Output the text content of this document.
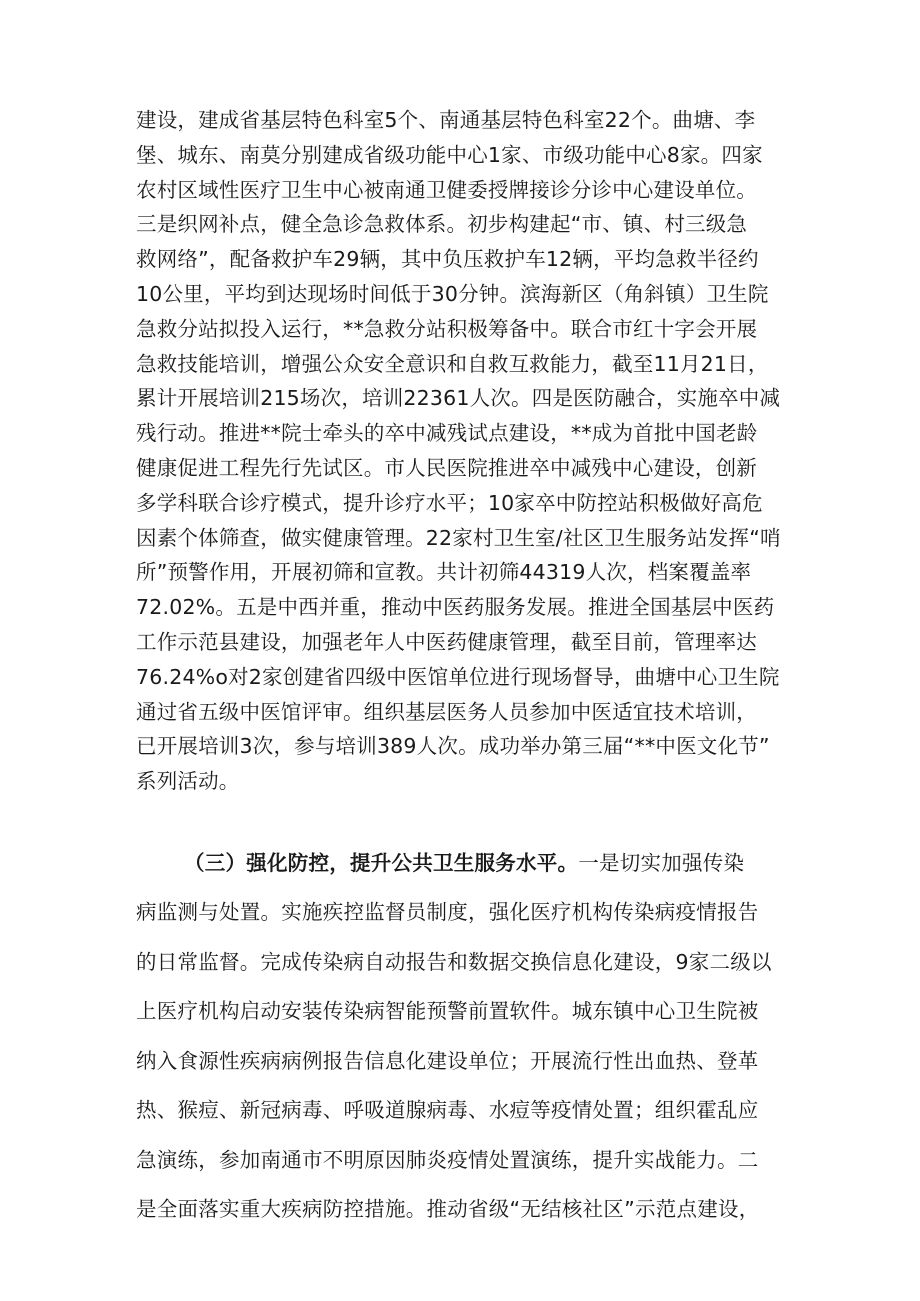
建设，建成省基层特色科室5个、南通基层特色科室22个。曲塘、李
堡、城东、南莫分别建成省级功能中心1家、市级功能中心8家。四家
农村区域性医疗卫生中心被南通卫健委授牌接诊分诊中心建设单位。
三是织网补点，健全急诊急救体系。初步构建起“市、镇、村三级急
救网络”，配备救护车29辆，其中负压救护车12辆，平均急救半径约
10公里，平均到达现场时间低于30分钟。滨海新区（角斜镇）卫生院
急救分站拟投入运行，**急救分站积极筹备中。联合市红十字会开展
急救技能培训，增强公众安全意识和自救互救能力，截至11月21日，
累计开展培训215场次，培训22361人次。四是医防融合，实施卒中减
残行动。推进**院士牵头的卒中减残试点建设，**成为首批中国老龄
健康促进工程先行先试区。市人民医院推进卒中减残中心建设，创新
多学科联合诊疗模式，提升诊疗水平；10家卒中防控站积极做好高危
因素个体筛查，做实健康管理。22家村卫生室/社区卫生服务站发挥“哨
所”预警作用，开展初筛和宣教。共计初筛44319人次，档案覆盖率
72.02%。五是中西并重，推动中医药服务发展。推进全国基层中医药
工作示范县建设，加强老年人中医药健康管理，截至目前，管理率达
76.24%o对2家创建省四级中医馆单位进行现场督导，曲塘中心卫生院
通过省五级中医馆评审。组织基层医务人员参加中医适宜技术培训，
已开展培训3次，参与培训389人次。成功举办第三届“**中医文化节”
系列活动。
（三）强化防控，提升公共卫生服务水平。一是切实加强传染
病监测与处置。实施疾控监督员制度，强化医疗机构传染病疫情报告
的日常监督。完成传染病自动报告和数据交换信息化建设，9家二级以
上医疗机构启动安装传染病智能预警前置软件。城东镇中心卫生院被
纳入食源性疾病病例报告信息化建设单位；开展流行性出血热、登革
热、猴痘、新冠病毒、呼吸道腺病毒、水痘等疫情处置；组织霍乱应
急演练，参加南通市不明原因肺炎疫情处置演练，提升实战能力。二
是全面落实重大疾病防控措施。推动省级“无结核社区”示范点建设，
